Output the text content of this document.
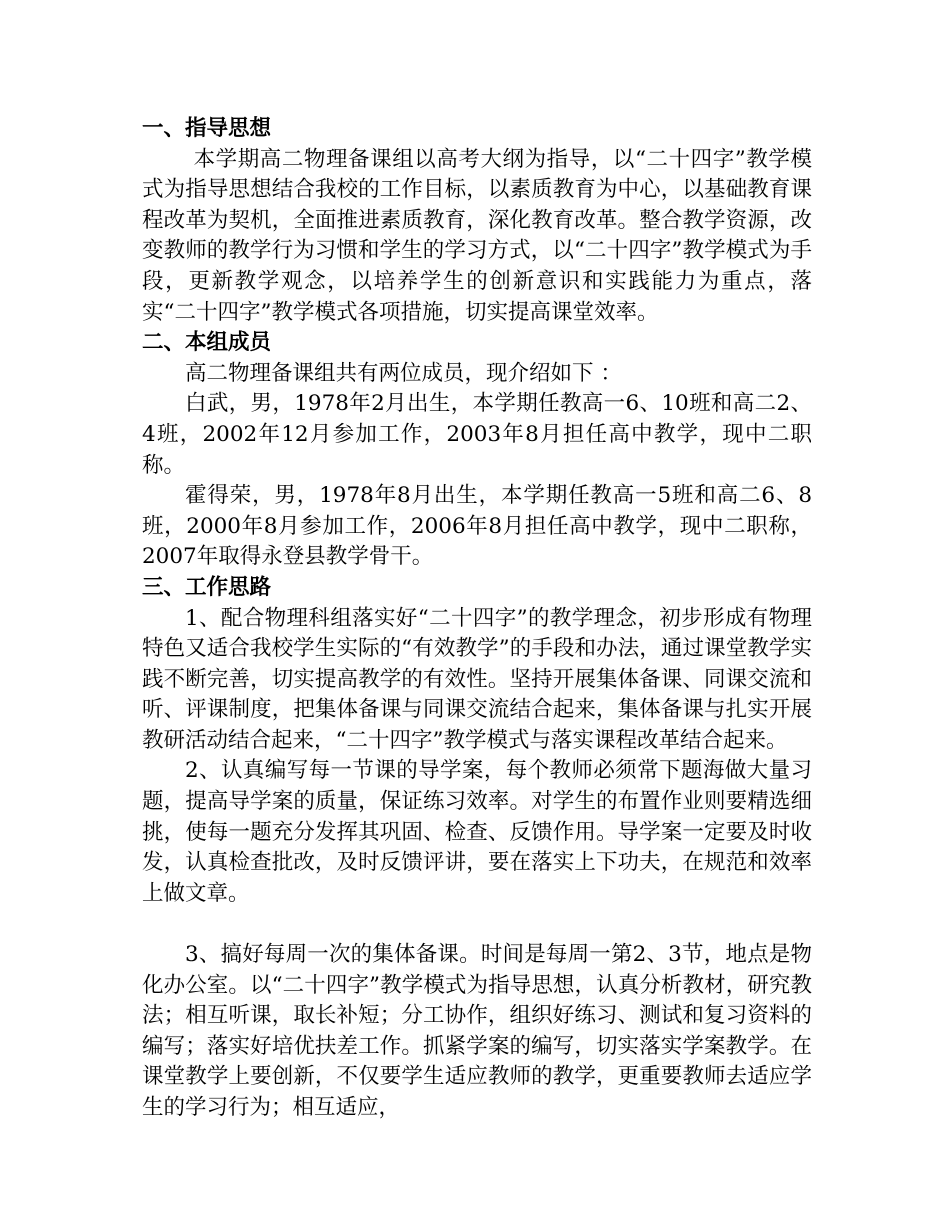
一、指导思想

本学期高二物理备课组以高考大纲为指导，以“二十四字”教学模式为指导思想结合我校的工作目标，以素质教育为中心，以基础教育课程改革为契机，全面推进素质教育，深化教育改革。整合教学资源，改变教师的教学行为习惯和学生的学习方式，以“二十四字”教学模式为手段，更新教学观念，以培养学生的创新意识和实践能力为重点，落实“二十四字”教学模式各项措施，切实提高课堂效率。

二、本组成员

高二物理备课组共有两位成员，现介绍如下 ：

白武，男，1978年2月出生，本学期任教高一6、10班和高二2、4班，2002年12月参加工作，2003年8月担任高中教学，现中二职称。

霍得荣，男，1978年8月出生，本学期任教高一5班和高二6、8班，2000年8月参加工作，2006年8月担任高中教学，现中二职称，2007年取得永登县教学骨干。

三、工作思路

1、配合物理科组落实好“二十四字”的教学理念，初步形成有物理特色又适合我校学生实际的“有效教学”的手段和办法，通过课堂教学实践不断完善，切实提高教学的有效性。坚持开展集体备课、同课交流和听、评课制度，把集体备课与同课交流结合起来，集体备课与扎实开展教研活动结合起来，“二十四字”教学模式与落实课程改革结合起来。

2、认真编写每一节课的导学案，每个教师必须常下题海做大量习题，提高导学案的质量，保证练习效率。对学生的布置作业则要精选细挑，使每一题充分发挥其巩固、检查、反馈作用。导学案一定要及时收发，认真检查批改，及时反馈评讲，要在落实上下功夫，在规范和效率上做文章。

3、搞好每周一次的集体备课。时间是每周一第2、3节，地点是物化办公室。以“二十四字”教学模式为指导思想，认真分析教材，研究教法；相互听课，取长补短；分工协作，组织好练习、测试和复习资料的编写；落实好培优扶差工作。抓紧学案的编写，切实落实学案教学。在课堂教学上要创新，不仅要学生适应教师的教学，更重要教师去适应学生的学习行为；相互适应，
